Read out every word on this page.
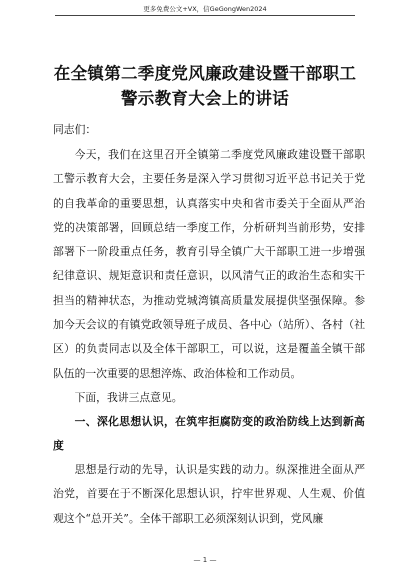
更多免费公文+VX，信GeGongWen2024
在全镇第二季度党风廉政建设暨干部职工
警示教育大会上的讲话
同志们：

今天，我们在这里召开全镇第二季度党风廉政建设暨干部职工警示教育大会，主要任务是深入学习贯彻习近平总书记关于党的自我革命的重要思想，认真落实中央和省市委关于全面从严治党的决策部署，回顾总结一季度工作，分析研判当前形势，安排部署下一阶段重点任务，教育引导全镇广大干部职工进一步增强纪律意识、规矩意识和责任意识，以风清气正的政治生态和实干担当的精神状态，为推动党城湾镇高质量发展提供坚强保障。参加今天会议的有镇党政领导班子成员、各中心（站所）、各村（社区）的负责同志以及全体干部职工，可以说，这是覆盖全镇干部队伍的一次重要的思想淬炼、政治体检和工作动员。

下面，我讲三点意见。

一、深化思想认识，在筑牢拒腐防变的政治防线上达到新高度

思想是行动的先导，认识是实践的动力。纵深推进全面从严治党，首要在于不断深化思想认识，拧牢世界观、人生观、价值观这个“总开关”。全体干部职工必须深刻认识到，党风廉

— 1 —
